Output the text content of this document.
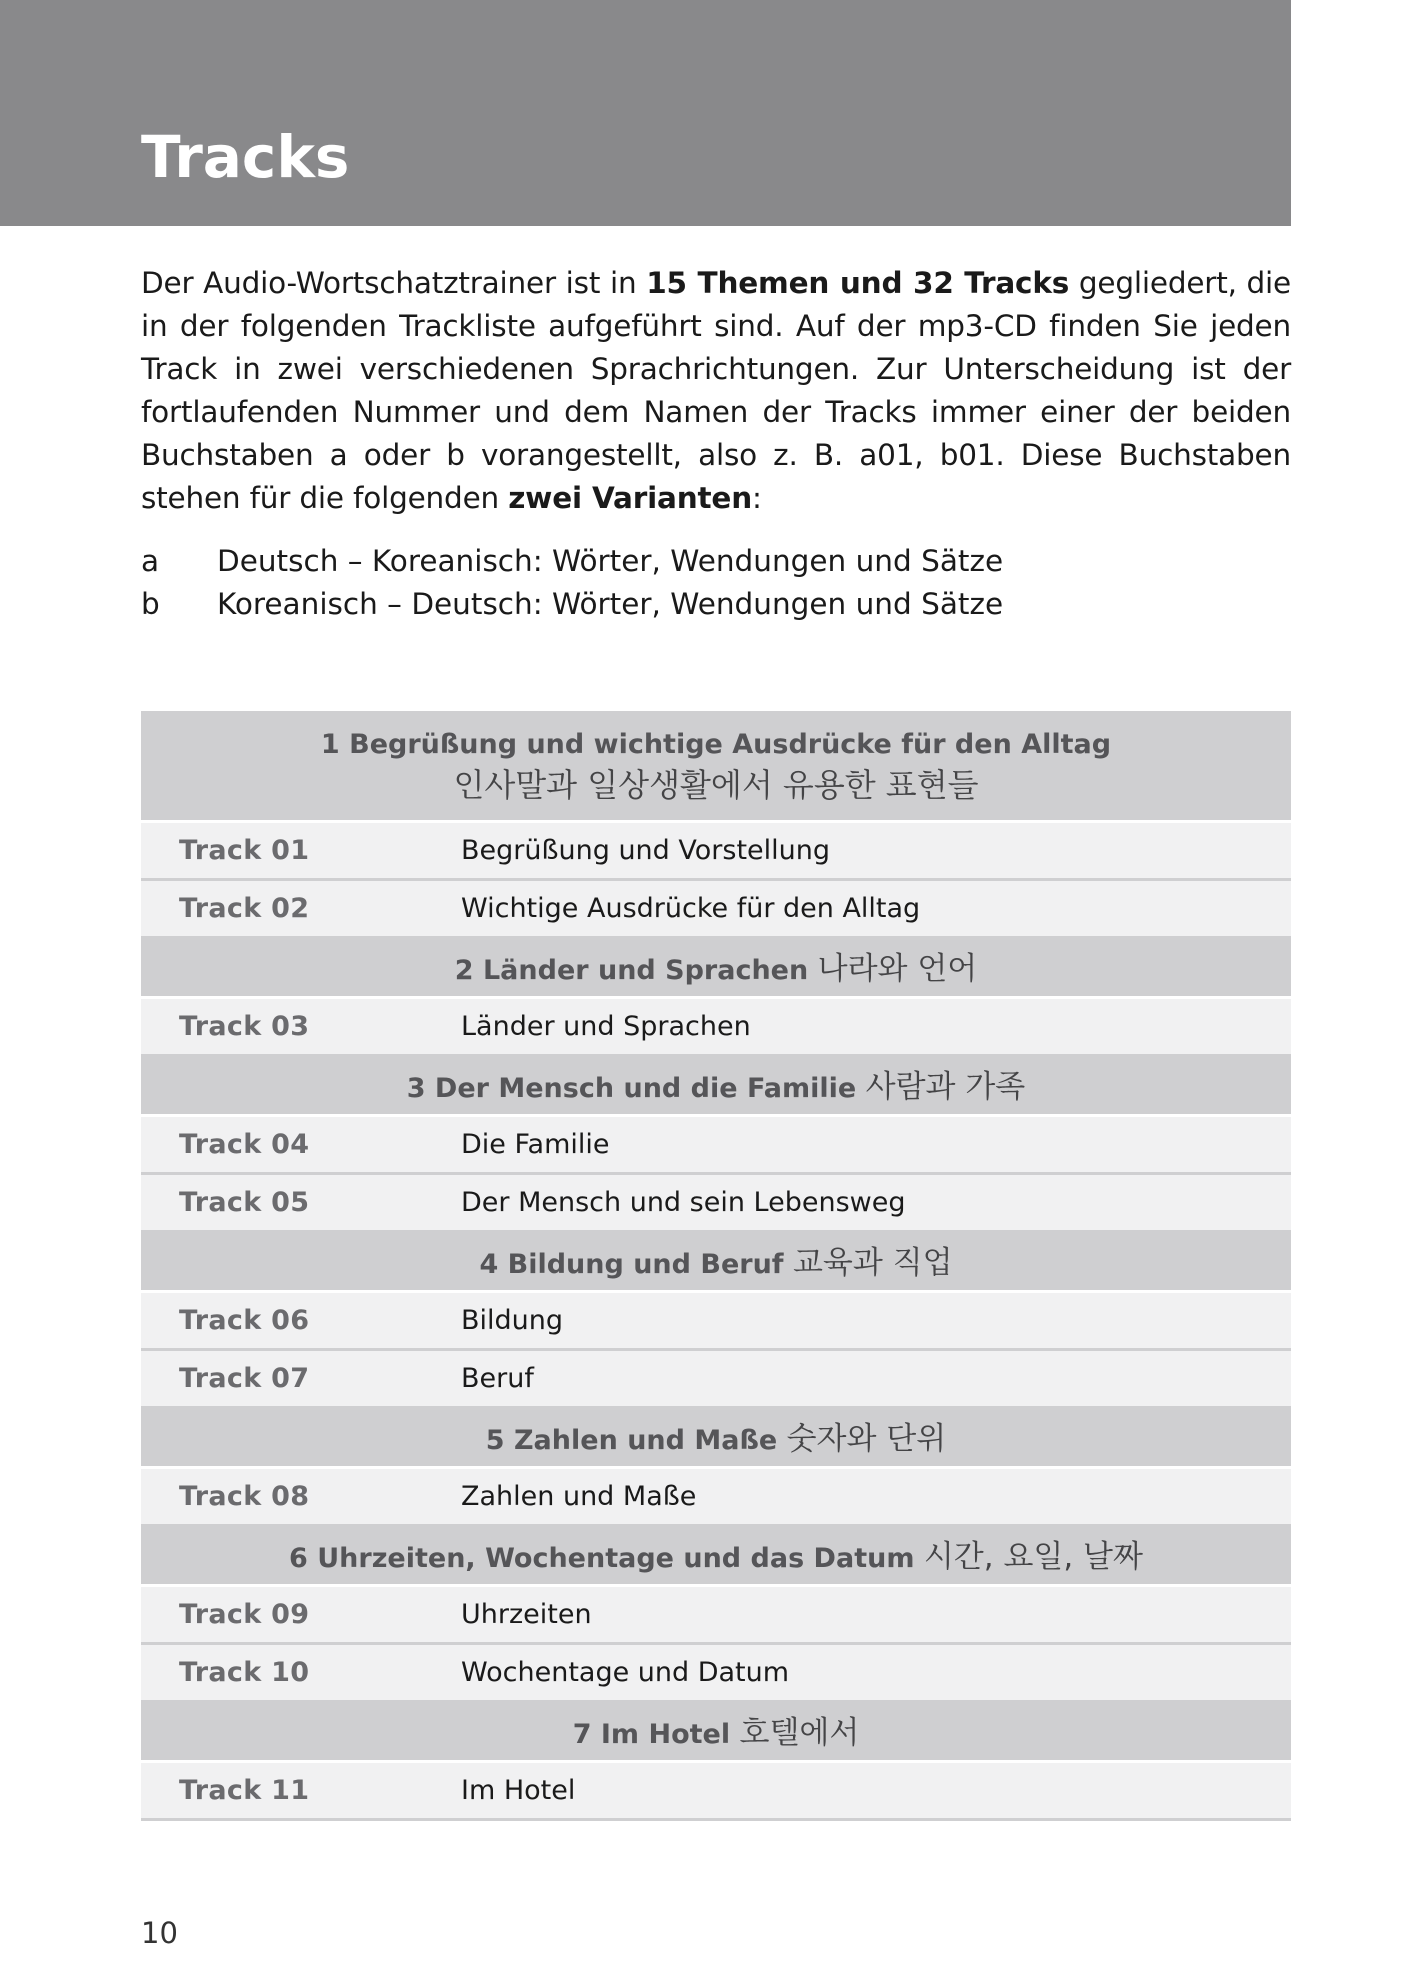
Tracks
Der Audio-Wortschatztrainer ist in 15 Themen und 32 Tracks gegliedert, die in der folgenden Trackliste aufgeführt sind. Auf der mp3-CD finden Sie jeden Track in zwei verschiedenen Sprachrichtungen. Zur Unterscheidung ist der fortlaufenden Nummer und dem Namen der Tracks immer einer der beiden Buchstaben a oder b vorangestellt, also z. B. a01, b01. Diese Buchstaben stehen für die folgenden zwei Varianten:
a	Deutsch – Koreanisch: Wörter, Wendungen und Sätze
b	Koreanisch – Deutsch: Wörter, Wendungen und Sätze
1 Begrüßung und wichtige Ausdrücke für den Alltag
인사말과 일상생활에서 유용한 표현들
Track 01	Begrüßung und Vorstellung
Track 02	Wichtige Ausdrücke für den Alltag
2 Länder und Sprachen 나라와 언어
Track 03	Länder und Sprachen
3 Der Mensch und die Familie 사람과 가족
Track 04	Die Familie
Track 05	Der Mensch und sein Lebensweg
4 Bildung und Beruf 교육과 직업
Track 06	Bildung
Track 07	Beruf
5 Zahlen und Maße 숫자와 단위
Track 08	Zahlen und Maße
6 Uhrzeiten, Wochentage und das Datum 시간, 요일, 날짜
Track 09	Uhrzeiten
Track 10	Wochentage und Datum
7 Im Hotel 호텔에서
Track 11	Im Hotel
10
